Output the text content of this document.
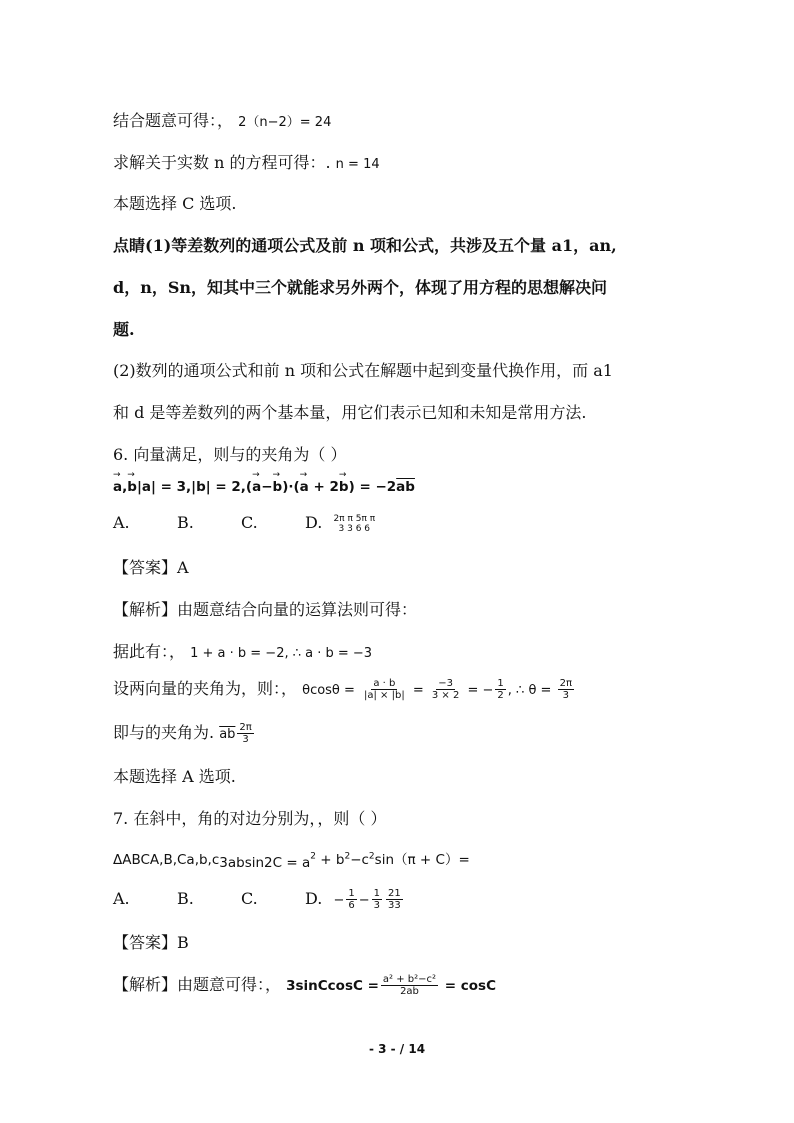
结合题意可得：， 2（n−2）= 24
求解关于实数 n 的方程可得：. n = 14
本题选择 C 选项.
点睛(1)等差数列的通项公式及前 n 项和公式，共涉及五个量 a1，an,
d，n，Sn，知其中三个就能求另外两个，体现了用方程的思想解决问
题.
(2)数列的通项公式和前 n 项和公式在解题中起到变量代换作用，而 a1
和 d 是等差数列的两个基本量，用它们表示已知和未知是常用方法.
6. 向量满足，则与的夹角为（ ）
→ $a,\to b|a| = 3,|b| = 2,(\to a-\to b)\cdot(\to a + 2\to b) = -2\overline{ab}$
A.	B.	C.	D. 2π π 5π π
3 3 6 6
【答案】A
【解析】由题意结合向量的运算法则可得：
据此有：， 1 + a · b = −2, ∴ a · b = −3
设两向量的夹角为，则：， $\theta\cos\theta = \frac{a \cdot b}{|a| \times |b|} = \frac{-3}{3 \times 2}$ = − $\frac{1}{2}$ , ∴ $\theta = \frac{2\pi}{3}$
即与的夹角为. $\overline{ab} \frac{2\pi}{3}$
本题选择 A 选项.
7. 在斜中，角的对边分别为，，则（ ）
ΔABCA,B,Ca,b,c3absin2C = $a^2 + b^2-c^2\sin(\pi + C)=$
A.	B.	C.	D. − $\frac{1}{6} - \frac{1}{3} \frac{21}{33}$
【答案】B
【解析】由题意可得：， 3sinCcosC = $\frac{\text{a² + b²−c²}}{2ab} = \cos C$
- 3 - / 14
